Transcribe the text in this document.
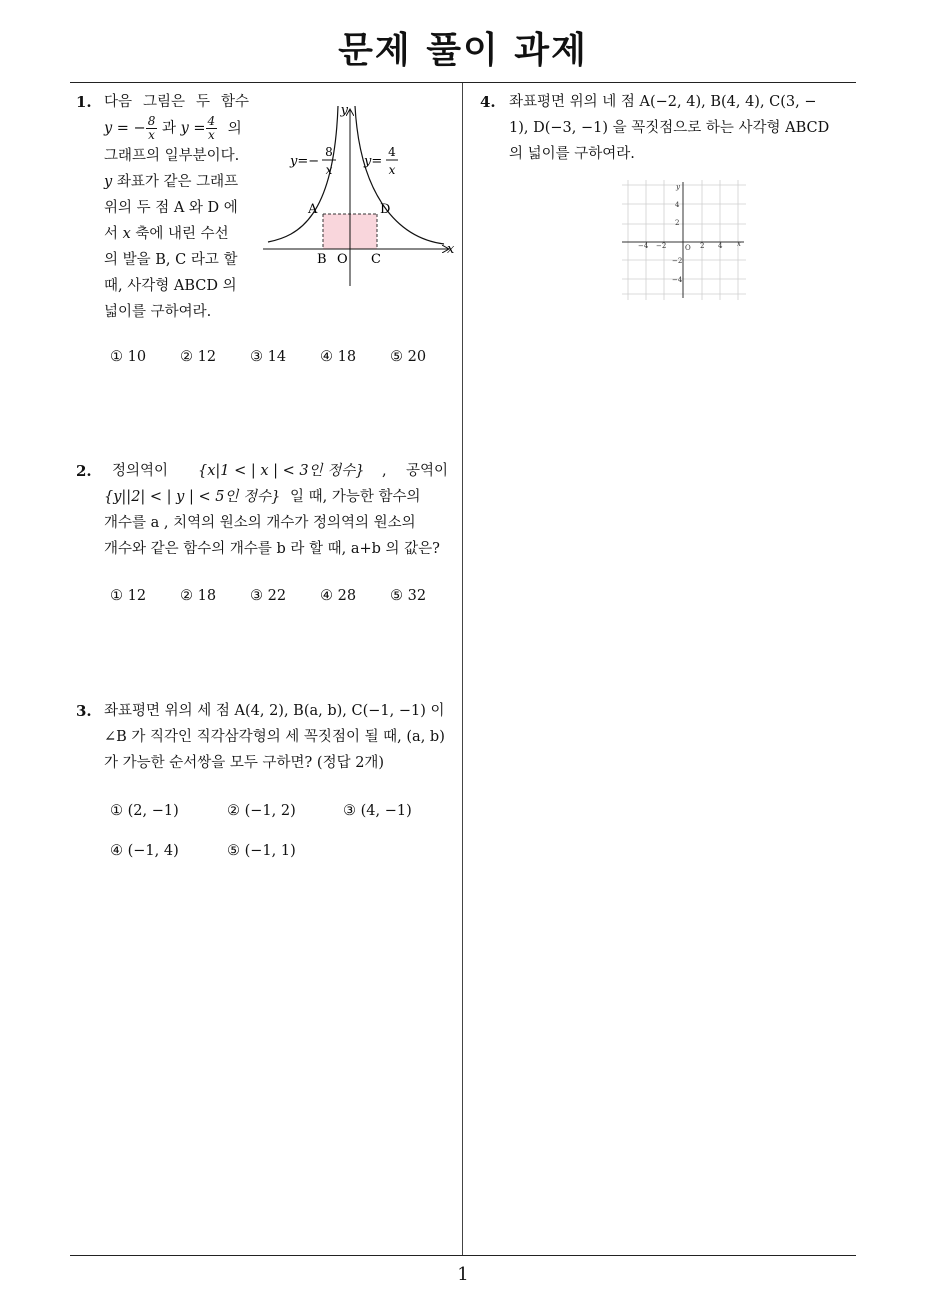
문제 풀이 과제
1
1. 다음 그림은 두 함수
y = − $\frac{8}{x}$ 과 $y = \frac{4}{x}$ 의
그래프의 일부분이다.
y 좌표가 같은 그래프
위의 두 점 A 와 D 에
서 x 축에 내린 수선
의 발을 B, C 라고 할
때, 사각형 ABCD 의
넓이를 구하여라.
y
x
y=−
8
x
y=
4
x
A	D
B O C
① 10 ② 12 ③ 14 ④ 18 ⑤ 20
2. 정의역이 {x|1 < | x | < 3인 정수} , 공역이
{y||2| < | y | < 5인 정수} 일 때, 가능한 함수의
개수를 a , 치역의 원소의 개수가 정의역의 원소의
개수와 같은 함수의 개수를 b 라 할 때, a+b 의 값은?
① 12 ② 18 ③ 22 ④ 28 ⑤ 32
3. 좌표평면 위의 세 점 A(4, 2), B(a, b), C(−1, −1) 이
∠B 가 직각인 직각삼각형의 세 꼭짓점이 될 때, (a, b)
가 가능한 순서쌍을 모두 구하면? (정답 2개)
① (2, −1)	② (−1, 2)	③ (4, −1)
④ (−1, 4)	⑤ (−1, 1)
4. 좌표평면 위의 네 점 A(−2, 4), B(4, 4), C(3, −
1), D(−3, −1) 을 꼭짓점으로 하는 사각형 ABCD
의 넓이를 구하여라.
y
x
O
−4 −2	2 4
4
2
−2
−4
